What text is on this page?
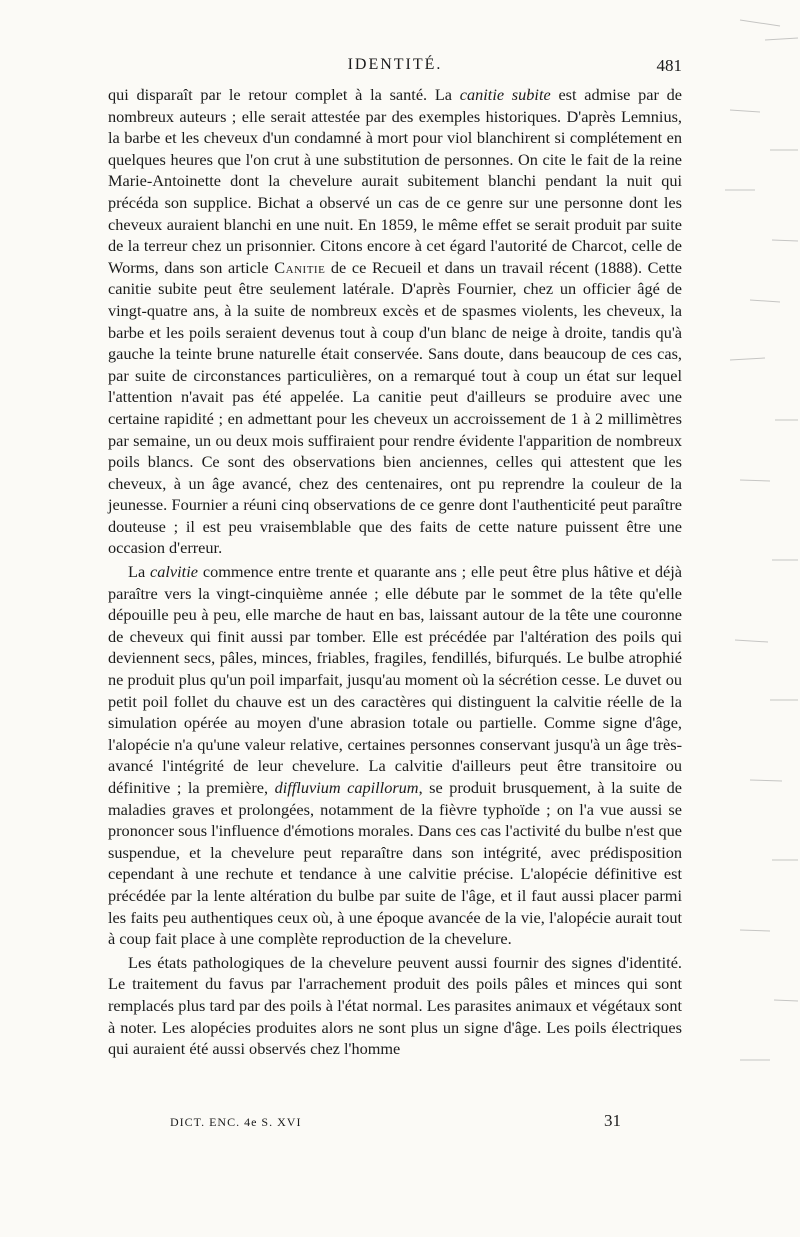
IDENTITÉ.	481

qui disparaît par le retour complet à la santé. La canitie subite est admise par de nombreux auteurs ; elle serait attestée par des exemples historiques. D'après Lemnius, la barbe et les cheveux d'un condamné à mort pour viol blanchirent si complétement en quelques heures que l'on crut à une substitution de personnes. On cite le fait de la reine Marie-Antoinette dont la chevelure aurait subitement blanchi pendant la nuit qui précéda son supplice. Bichat a observé un cas de ce genre sur une personne dont les cheveux auraient blanchi en une nuit. En 1859, le même effet se serait produit par suite de la terreur chez un prisonnier. Citons encore à cet égard l'autorité de Charcot, celle de Worms, dans son article Canitie de ce Recueil et dans un travail récent (1888). Cette canitie subite peut être seulement latérale. D'après Fournier, chez un officier âgé de vingt-quatre ans, à la suite de nombreux excès et de spasmes violents, les cheveux, la barbe et les poils seraient devenus tout à coup d'un blanc de neige à droite, tandis qu'à gauche la teinte brune naturelle était conservée. Sans doute, dans beaucoup de ces cas, par suite de circonstances particulières, on a remarqué tout à coup un état sur lequel l'attention n'avait pas été appelée. La canitie peut d'ailleurs se produire avec une certaine rapidité ; en admettant pour les cheveux un accroissement de 1 à 2 millimètres par semaine, un ou deux mois suffiraient pour rendre évidente l'apparition de nombreux poils blancs. Ce sont des observations bien anciennes, celles qui attestent que les cheveux, à un âge avancé, chez des centenaires, ont pu reprendre la couleur de la jeunesse. Fournier a réuni cinq observations de ce genre dont l'authenticité peut paraître douteuse ; il est peu vraisemblable que des faits de cette nature puissent être une occasion d'erreur.

La calvitie commence entre trente et quarante ans ; elle peut être plus hâtive et déjà paraître vers la vingt-cinquième année ; elle débute par le sommet de la tête qu'elle dépouille peu à peu, elle marche de haut en bas, laissant autour de la tête une couronne de cheveux qui finit aussi par tomber. Elle est précédée par l'altération des poils qui deviennent secs, pâles, minces, friables, fragiles, fendillés, bifurqués. Le bulbe atrophié ne produit plus qu'un poil imparfait, jusqu'au moment où la sécrétion cesse. Le duvet ou petit poil follet du chauve est un des caractères qui distinguent la calvitie réelle de la simulation opérée au moyen d'une abrasion totale ou partielle. Comme signe d'âge, l'alopécie n'a qu'une valeur relative, certaines personnes conservant jusqu'à un âge très-avancé l'intégrité de leur chevelure. La calvitie d'ailleurs peut être transitoire ou définitive ; la première, diffluvium capillorum, se produit brusquement, à la suite de maladies graves et prolongées, notamment de la fièvre typhoïde ; on l'a vue aussi se prononcer sous l'influence d'émotions morales. Dans ces cas l'activité du bulbe n'est que suspendue, et la chevelure peut reparaître dans son intégrité, avec prédisposition cependant à une rechute et tendance à une calvitie précise. L'alopécie définitive est précédée par la lente altération du bulbe par suite de l'âge, et il faut aussi placer parmi les faits peu authentiques ceux où, à une époque avancée de la vie, l'alopécie aurait tout à coup fait place à une complète reproduction de la chevelure.

Les états pathologiques de la chevelure peuvent aussi fournir des signes d'identité. Le traitement du favus par l'arrachement produit des poils pâles et minces qui sont remplacés plus tard par des poils à l'état normal. Les parasites animaux et végétaux sont à noter. Les alopécies produites alors ne sont plus un signe d'âge. Les poils électriques qui auraient été aussi observés chez l'homme

DICT. ENC. 4e S. XVI	31
